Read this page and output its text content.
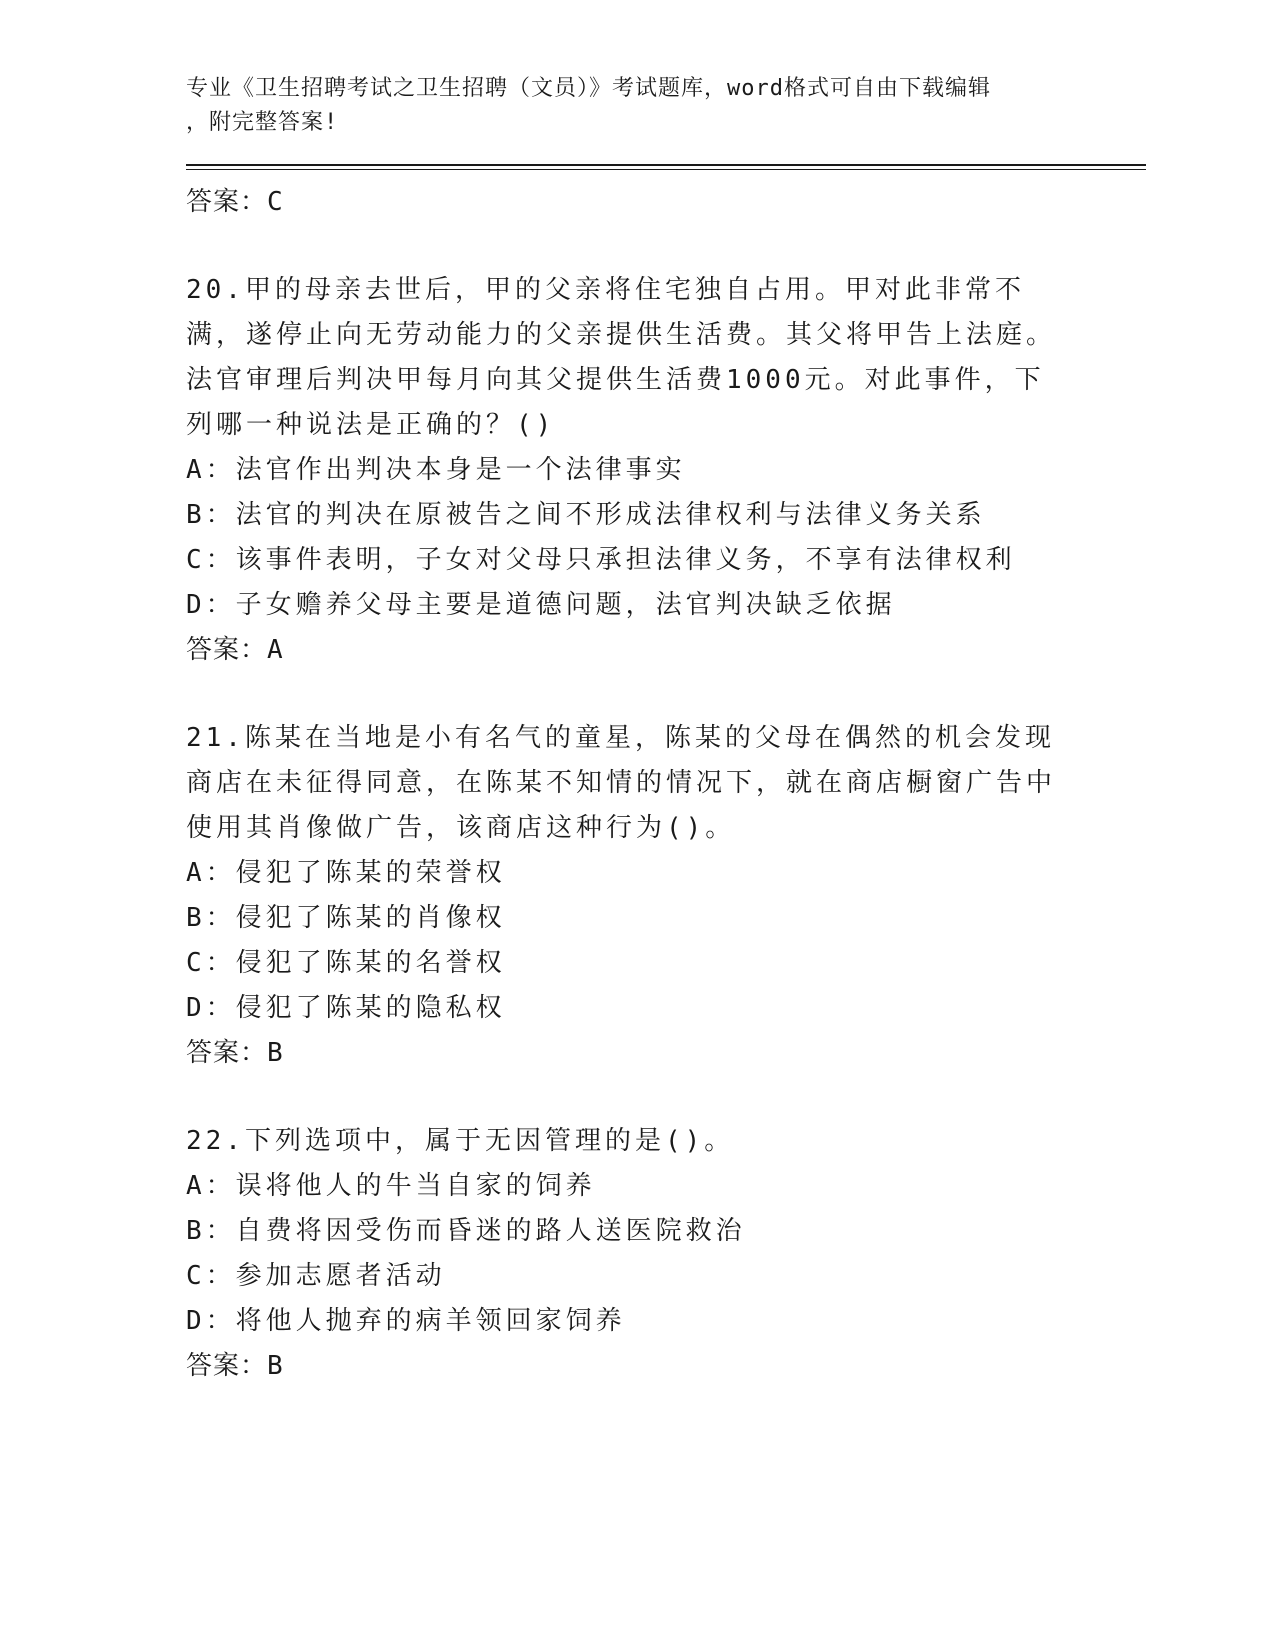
专业《卫生招聘考试之卫生招聘（文员）》考试题库，word格式可自由下载编辑
，附完整答案!
答案：C
20.甲的母亲去世后，甲的父亲将住宅独自占用。甲对此非常不满，遂停止向无劳动能力的父亲提供生活费。其父将甲告上法庭。法官审理后判决甲每月向其父提供生活费1000元。对此事件，下列哪一种说法是正确的？()
A：法官作出判决本身是一个法律事实
B：法官的判决在原被告之间不形成法律权利与法律义务关系
C：该事件表明，子女对父母只承担法律义务，不享有法律权利
D：子女赡养父母主要是道德问题，法官判决缺乏依据
答案：A
21.陈某在当地是小有名气的童星，陈某的父母在偶然的机会发现商店在未征得同意，在陈某不知情的情况下，就在商店橱窗广告中使用其肖像做广告，该商店这种行为()。
A：侵犯了陈某的荣誉权
B：侵犯了陈某的肖像权
C：侵犯了陈某的名誉权
D：侵犯了陈某的隐私权
答案：B
22.下列选项中，属于无因管理的是()。
A：误将他人的牛当自家的饲养
B：自费将因受伤而昏迷的路人送医院救治
C：参加志愿者活动
D：将他人抛弃的病羊领回家饲养
答案：B
